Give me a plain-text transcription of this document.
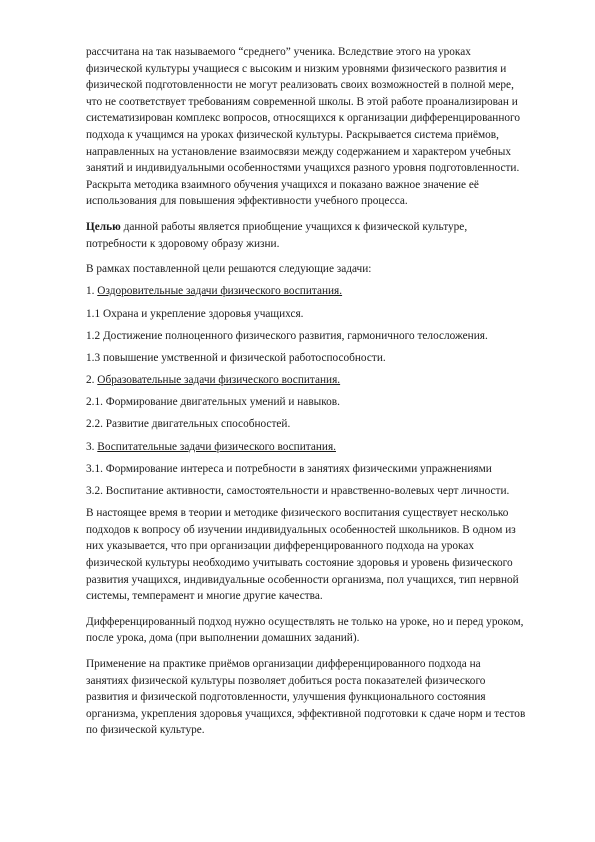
рассчитана на так называемого “среднего” ученика. Вследствие этого на уроках физической культуры учащиеся с высоким и низким уровнями физического развития и физической подготовленности не могут реализовать своих возможностей в полной мере, что не соответствует требованиям современной школы. В этой работе проанализирован и систематизирован комплекс вопросов, относящихся к организации дифференцированного подхода к учащимся на уроках физической культуры. Раскрывается система приёмов, направленных на установление взаимосвязи между содержанием и характером учебных занятий и индивидуальными особенностями учащихся разного уровня подготовленности. Раскрыта методика взаимного обучения учащихся и показано важное значение её использования для повышения эффективности учебного процесса.

Целью данной работы является приобщение учащихся к физической культуре, потребности к здоровому образу жизни.

В рамках поставленной цели решаются следующие задачи:

1. Оздоровительные задачи физического воспитания.

1.1 Охрана и укрепление здоровья учащихся.

1.2 Достижение полноценного физического развития, гармоничного телосложения.

1.3 повышение умственной и физической работоспособности.

2. Образовательные задачи физического воспитания.

2.1. Формирование двигательных умений и навыков.

2.2. Развитие двигательных способностей.

3. Воспитательные задачи физического воспитания.

3.1. Формирование интереса и потребности в занятиях физическими упражнениями

3.2. Воспитание активности, самостоятельности и нравственно-волевых черт личности.

В настоящее время в теории и методике физического воспитания существует несколько подходов к вопросу об изучении индивидуальных особенностей школьников. В одном из них указывается, что при организации дифференцированного подхода на уроках физической культуры необходимо учитывать состояние здоровья и уровень физического развития учащихся, индивидуальные особенности организма, пол учащихся, тип нервной системы, темперамент и многие другие качества.

Дифференцированный подход нужно осуществлять не только на уроке, но и перед уроком, после урока, дома (при выполнении домашних заданий).

Применение на практике приёмов организации дифференцированного подхода на занятиях физической культуры позволяет добиться роста показателей физического развития и физической подготовленности, улучшения функционального состояния организма, укрепления здоровья учащихся, эффективной подготовки к сдаче норм и тестов по физической культуре.
